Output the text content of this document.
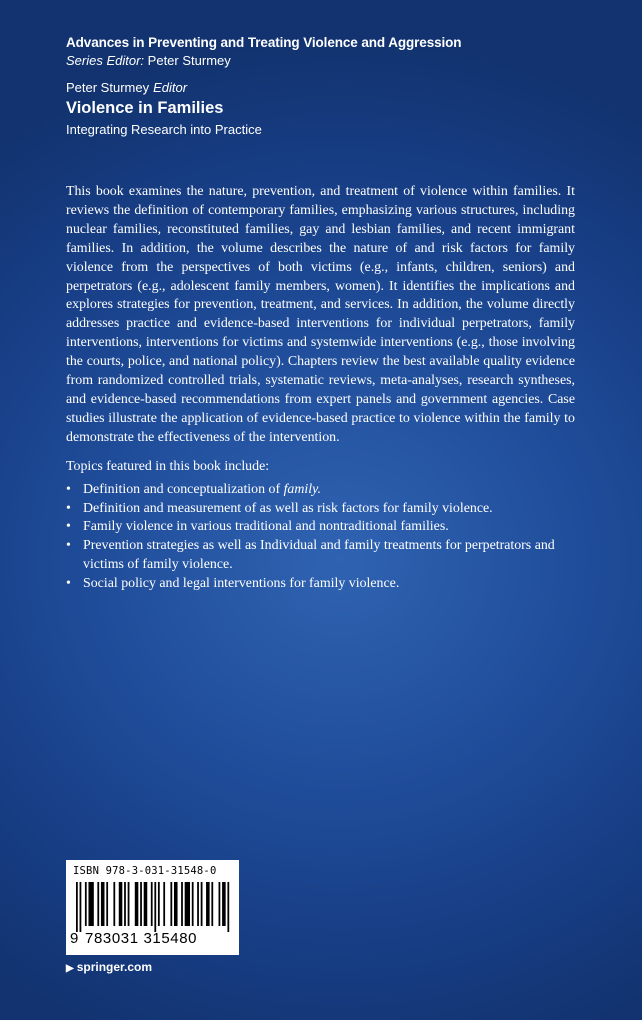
Advances in Preventing and Treating Violence and Aggression
Series Editor: Peter Sturmey
Peter Sturmey Editor
Violence in Families
Integrating Research into Practice

This book examines the nature, prevention, and treatment of violence within families. It reviews the definition of contemporary families, emphasizing various structures, including nuclear families, reconstituted families, gay and lesbian families, and recent immigrant families. In addition, the volume describes the nature of and risk factors for family violence from the perspectives of both victims (e.g., infants, children, seniors) and perpetrators (e.g., adolescent family members, women). It identifies the implications and explores strategies for prevention, treatment, and services. In addition, the volume directly addresses practice and evidence-based interventions for individual perpetrators, family interventions, interventions for victims and systemwide interventions (e.g., those involving the courts, police, and national policy). Chapters review the best available quality evidence from randomized controlled trials, systematic reviews, meta-analyses, research syntheses, and evidence-based recommendations from expert panels and government agencies. Case studies illustrate the application of evidence-based practice to violence within the family to demonstrate the effectiveness of the intervention.

Topics featured in this book include:

• Definition and conceptualization of family.
• Definition and measurement of as well as risk factors for family violence.
• Family violence in various traditional and nontraditional families.
• Prevention strategies as well as Individual and family treatments for perpetrators and victims of family violence.
• Social policy and legal interventions for family violence.
ISBN 978-3-031-31548-0
9 783031 315480
▶ springer.com
